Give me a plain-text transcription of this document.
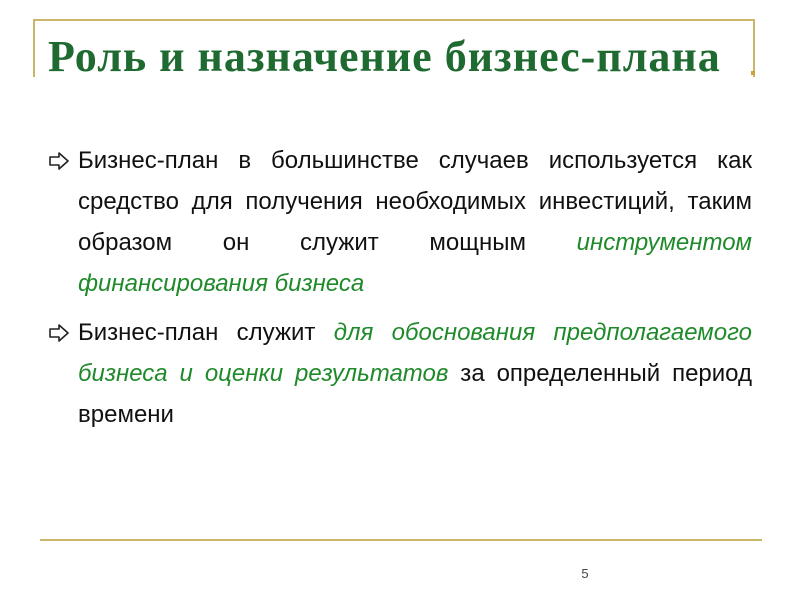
Роль и назначение бизнес-плана
Бизнес-план в большинстве случаев используется как средство для получения необходимых инвестиций, таким образом он служит мощным инструментом финансирования бизнеса
Бизнес-план служит для обоснования предполагаемого бизнеса и оценки результатов за определенный период времени
5
